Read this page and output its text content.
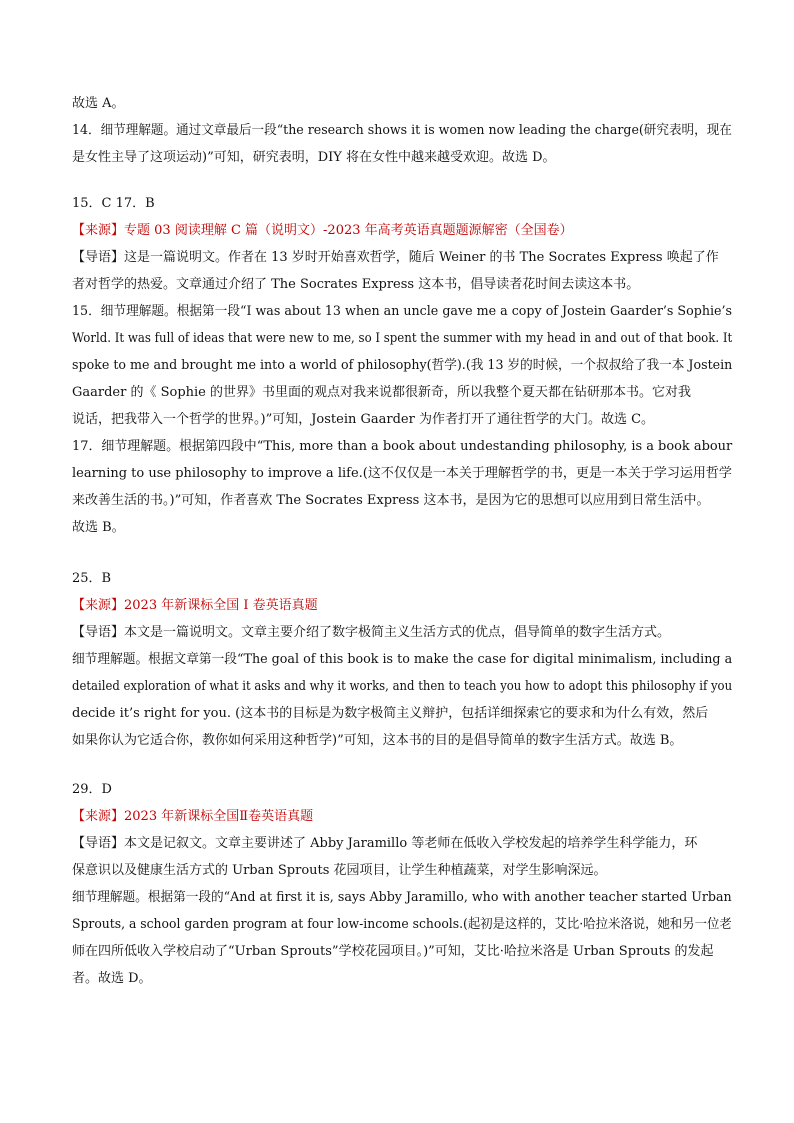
故选 A。
14．细节理解题。通过文章最后一段“the research shows it is women now leading the charge(研究表明，现在
是女性主导了这项运动)”可知，研究表明，DIY 将在女性中越来越受欢迎。故选 D。
15．C 17．B
【来源】专题 03 阅读理解 C 篇（说明文）-2023 年高考英语真题题源解密（全国卷）
【导语】这是一篇说明文。作者在 13 岁时开始喜欢哲学，随后 Weiner 的书 The Socrates Express 唤起了作
者对哲学的热爱。文章通过介绍了 The Socrates Express 这本书，倡导读者花时间去读这本书。
15．细节理解题。根据第一段“I was about 13 when an uncle gave me a copy of Jostein Gaarder’s Sophie’s
World. It was full of ideas that were new to me, so I spent the summer with my head in and out of that book. It
spoke to me and brought me into a world of philosophy(哲学).(我 13 岁的时候，一个叔叔给了我一本 Jostein
Gaarder 的《 Sophie 的世界》书里面的观点对我来说都很新奇，所以我整个夏天都在钻研那本书。它对我
说话，把我带入一个哲学的世界。)”可知，Jostein Gaarder 为作者打开了通往哲学的大门。故选 C。
17．细节理解题。根据第四段中“This, more than a book about undestanding philosophy, is a book abour
learning to use philosophy to improve a life.(这不仅仅是一本关于理解哲学的书，更是一本关于学习运用哲学
来改善生活的书。)”可知，作者喜欢 The Socrates Express 这本书，是因为它的思想可以应用到日常生活中。
故选 B。
25．B
【来源】2023 年新课标全国 I 卷英语真题
【导语】本文是一篇说明文。文章主要介绍了数字极简主义生活方式的优点，倡导简单的数字生活方式。
细节理解题。根据文章第一段“The goal of this book is to make the case for digital minimalism, including a
detailed exploration of what it asks and why it works, and then to teach you how to adopt this philosophy if you
decide it’s right for you. (这本书的目标是为数字极简主义辩护，包括详细探索它的要求和为什么有效，然后
如果你认为它适合你，教你如何采用这种哲学)”可知，这本书的目的是倡导简单的数字生活方式。故选 B。
29．D
【来源】2023 年新课标全国Ⅱ卷英语真题
【导语】本文是记叙文。文章主要讲述了 Abby Jaramillo 等老师在低收入学校发起的培养学生科学能力，环
保意识以及健康生活方式的 Urban Sprouts 花园项目，让学生种植蔬菜，对学生影响深远。
细节理解题。根据第一段的“And at first it is, says Abby Jaramillo, who with another teacher started Urban
Sprouts, a school garden program at four low-income schools.(起初是这样的，艾比·哈拉米洛说，她和另一位老
师在四所低收入学校启动了“Urban Sprouts”学校花园项目。)”可知，艾比·哈拉米洛是 Urban Sprouts 的发起
者。故选 D。
